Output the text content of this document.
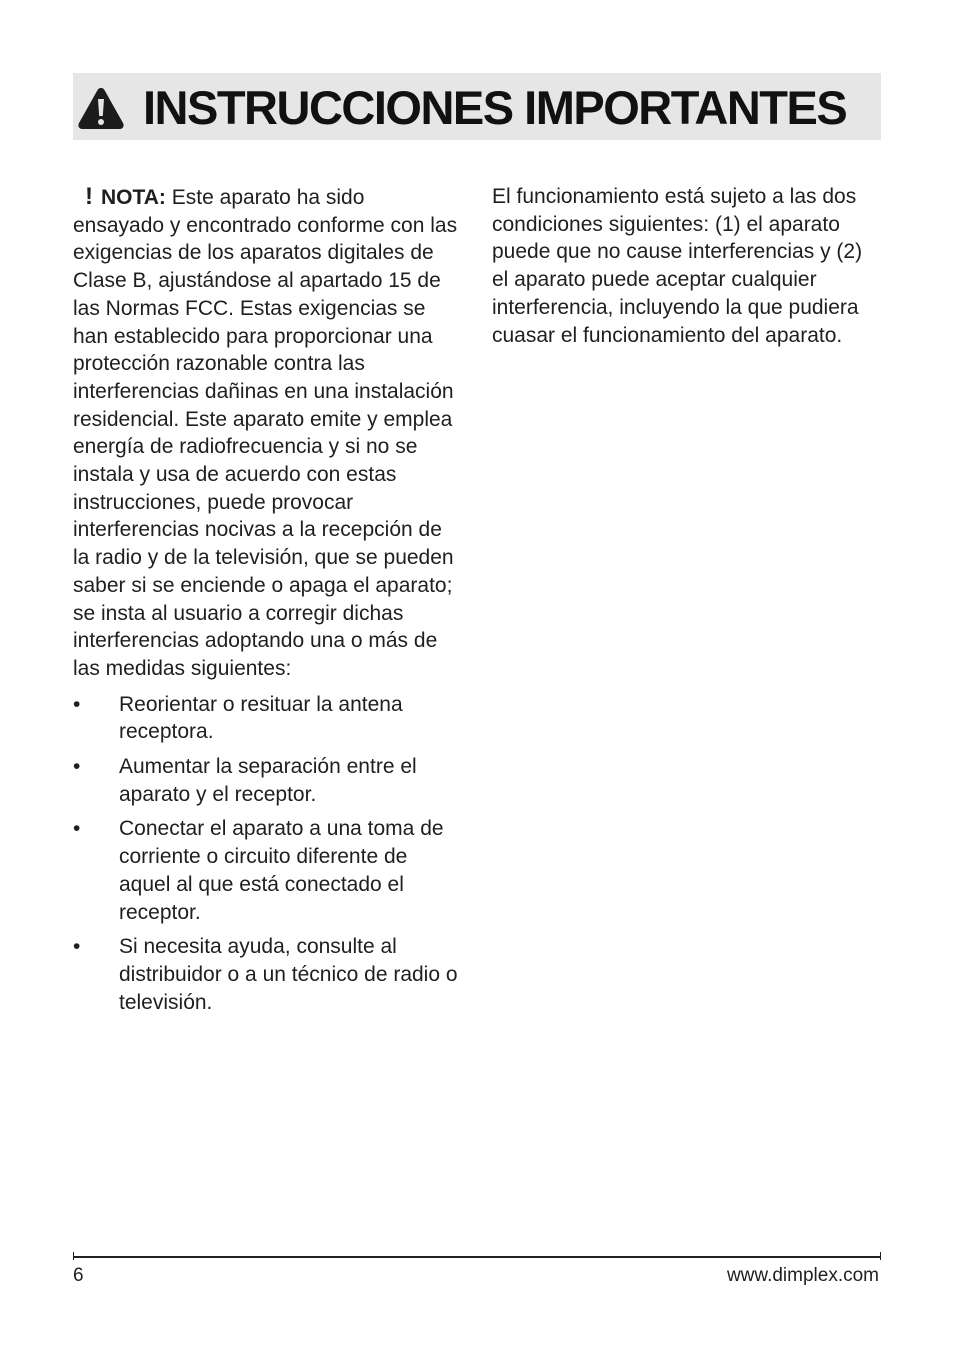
INSTRUCCIONES IMPORTANTES

! NOTA: Este aparato ha sido ensayado y encontrado conforme con las exigencias de los aparatos digitales de Clase B, ajustándose al apartado 15 de las Normas FCC. Estas exigencias se han establecido para proporcionar una protección razonable contra las interferencias dañinas en una instalación residencial. Este aparato emite y emplea energía de radiofrecuencia y si no se instala y usa de acuerdo con estas instrucciones, puede provocar interferencias nocivas a la recepción de la radio y de la televisión, que se pueden saber si se enciende o apaga el aparato; se insta al usuario a corregir dichas interferencias adoptando una o más de las medidas siguientes:

• Reorientar o resituar la antena receptora.
• Aumentar la separación entre el aparato y el receptor.
• Conectar el aparato a una toma de corriente o circuito diferente de aquel al que está conectado el receptor.
• Si necesita ayuda, consulte al distribuidor o a un técnico de radio o televisión.

El funcionamiento está sujeto a las dos condiciones siguientes: (1) el aparato puede que no cause interferencias y (2) el aparato puede aceptar cualquier interferencia, incluyendo la que pudiera cuasar el funcionamiento del aparato.

6	www.dimplex.com
